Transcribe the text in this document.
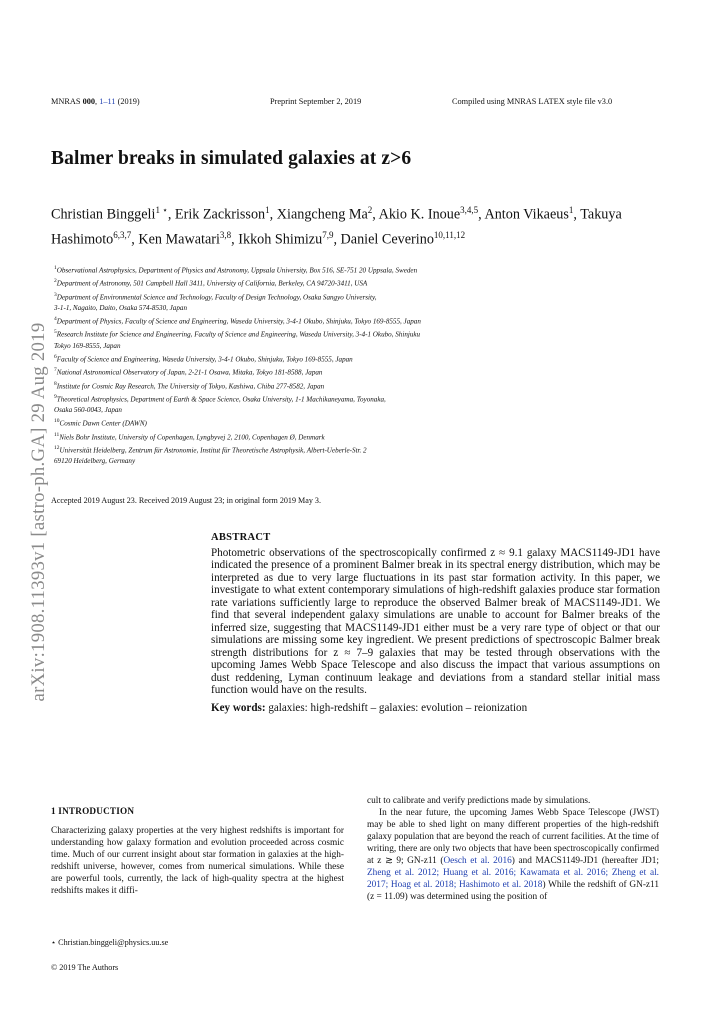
MNRAS 000, 1–11 (2019)	Preprint September 2, 2019	Compiled using MNRAS LATEX style file v3.0
arXiv:1908.11393v1 [astro-ph.GA] 29 Aug 2019
Balmer breaks in simulated galaxies at z>6
Christian Binggeli$^{1 ⋆}$, Erik Zackrisson$^1$, Xiangcheng Ma$^2$, Akio K. Inoue$^{3,4,5}$, Anton Vikaeus$^1$, Takuya Hashimoto$^{6,3,7}$, Ken Mawatari$^{3,8}$, Ikkoh Shimizu$^{7,9}$, Daniel Ceverino$^{10,11,12}$
$^1$Observational Astrophysics, Department of Physics and Astronomy, Uppsala University, Box 516, SE-751 20 Uppsala, Sweden
$^2$Department of Astronomy, 501 Campbell Hall 3411, University of California, Berkeley, CA 94720-3411, USA
$^3$Department of Environmental Science and Technology, Faculty of Design Technology, Osaka Sangyo University,
3-1-1, Nagaito, Daito, Osaka 574-8530, Japan
$^4$Department of Physics, Faculty of Science and Engineering, Waseda University, 3-4-1 Okubo, Shinjuku, Tokyo 169-8555, Japan
$^5$Research Institute for Science and Engineering, Faculty of Science and Engineering, Waseda University, 3-4-1 Okubo, Shinjuku
Tokyo 169-8555, Japan
$^6$Faculty of Science and Engineering, Waseda University, 3-4-1 Okubo, Shinjuku, Tokyo 169-8555, Japan
$^7$National Astronomical Observatory of Japan, 2-21-1 Osawa, Mitaka, Tokyo 181-8588, Japan
$^8$Institute for Cosmic Ray Research, The University of Tokyo, Kashiwa, Chiba 277-8582, Japan
$^9$Theoretical Astrophysics, Department of Earth & Space Science, Osaka University, 1-1 Machikaneyama, Toyonaka,
Osaka 560-0043, Japan
$^{10}$Cosmic Dawn Center (DAWN)
$^{11}$Niels Bohr Institute, University of Copenhagen, Lyngbyvej 2, 2100, Copenhagen Ø, Denmark
$^{12}$Universität Heidelberg, Zentrum für Astronomie, Institut für Theoretische Astrophysik, Albert-Ueberle-Str. 2
69120 Heidelberg, Germany
Accepted 2019 August 23. Received 2019 August 23; in original form 2019 May 3.
ABSTRACT
Photometric observations of the spectroscopically confirmed z ≈ 9.1 galaxy MACS1149-JD1 have indicated the presence of a prominent Balmer break in its spectral energy distribution, which may be interpreted as due to very large fluctuations in its past star formation activity. In this paper, we investigate to what extent contemporary simulations of high-redshift galaxies produce star formation rate variations sufficiently large to reproduce the observed Balmer break of MACS1149-JD1. We find that several independent galaxy simulations are unable to account for Balmer breaks of the inferred size, suggesting that MACS1149-JD1 either must be a very rare type of object or that our simulations are missing some key ingredient. We present predictions of spectroscopic Balmer break strength distributions for z ≈ 7–9 galaxies that may be tested through observations with the upcoming James Webb Space Telescope and also discuss the impact that various assumptions on dust reddening, Lyman continuum leakage and deviations from a standard stellar initial mass function would have on the results.
Key words: galaxies: high-redshift – galaxies: evolution – reionization
1 INTRODUCTION
Characterizing galaxy properties at the very highest redshifts is important for understanding how galaxy formation and evolution proceeded across cosmic time. Much of our current insight about star formation in galaxies at the high-redshift universe, however, comes from numerical simulations. While these are powerful tools, currently, the lack of high-quality spectra at the highest redshifts makes it diffi-
cult to calibrate and verify predictions made by simulations.
In the near future, the upcoming James Webb Space Telescope (JWST) may be able to shed light on many different properties of the high-redshift galaxy population that are beyond the reach of current facilities. At the time of writing, there are only two objects that have been spectroscopically confirmed at z ≳ 9; GN-z11 (Oesch et al. 2016) and MACS1149-JD1 (hereafter JD1; Zheng et al. 2012; Huang et al. 2016; Kawamata et al. 2016; Zheng et al. 2017; Hoag et al. 2018; Hashimoto et al. 2018) While the redshift of GN-z11 (z = 11.09) was determined using the position of
⋆ Christian.binggeli@physics.uu.se
© 2019 The Authors
